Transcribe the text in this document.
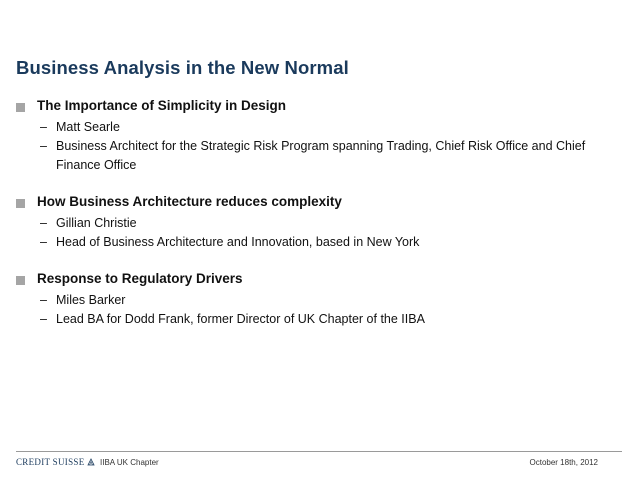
Business Analysis in the New Normal
The Importance of Simplicity in Design
– Matt Searle
– Business Architect for the Strategic Risk Program spanning Trading, Chief Risk Office and Chief Finance Office
How Business Architecture reduces complexity
– Gillian Christie
– Head of Business Architecture and Innovation, based in New York
Response to Regulatory Drivers
– Miles Barker
– Lead BA for Dodd Frank, former Director of UK Chapter of the IIBA
CREDIT SUISSE IIBA UK Chapter	October 18th, 2012
